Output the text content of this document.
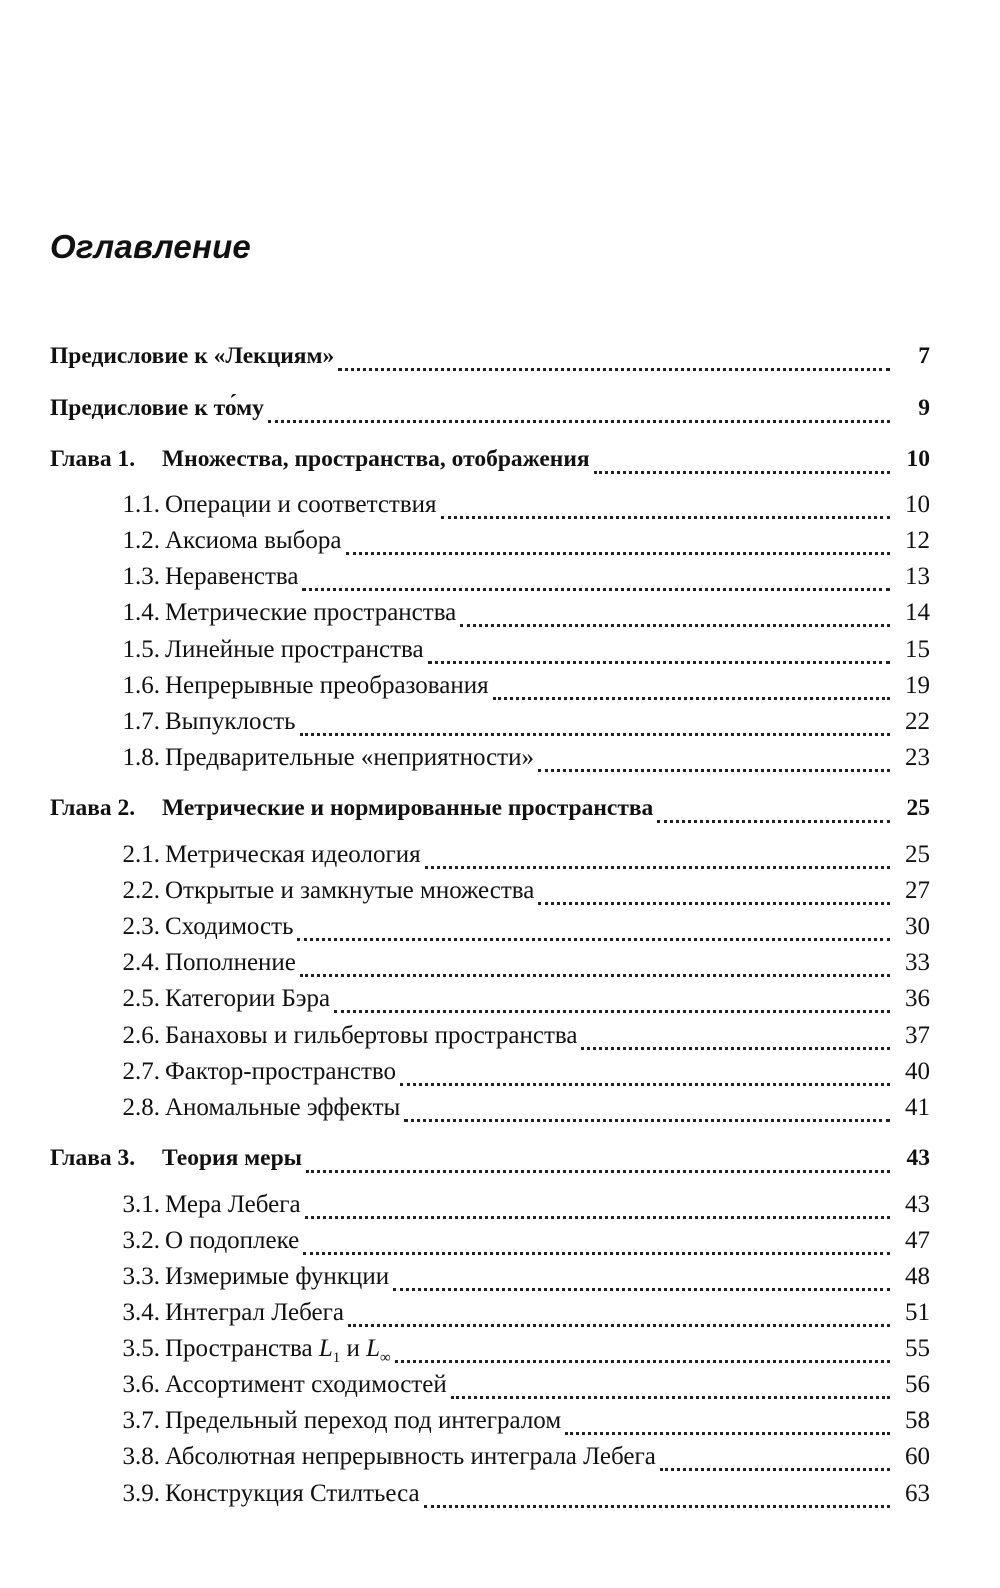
Оглавление
Предисловие к «Лекциям»	7
Предисловие к то́му	9
Глава 1.	Множества, пространства, отображения	10
1.1. Операции и соответствия	10
1.2. Аксиома выбора	12
1.3. Неравенства	13
1.4. Метрические пространства	14
1.5. Линейные пространства	15
1.6. Непрерывные преобразования	19
1.7. Выпуклость	22
1.8. Предварительные «неприятности»	23
Глава 2.	Метрические и нормированные пространства	25
2.1. Метрическая идеология	25
2.2. Открытые и замкнутые множества	27
2.3. Сходимость	30
2.4. Пополнение	33
2.5. Категории Бэра	36
2.6. Банаховы и гильбертовы пространства	37
2.7. Фактор-пространство	40
2.8. Аномальные эффекты	41
Глава 3.	Теория меры	43
3.1. Мера Лебега	43
3.2. О подоплеке	47
3.3. Измеримые функции	48
3.4. Интеграл Лебега	51
3.5. Пространства $L_1$ и $L_\infty$	55
3.6. Ассортимент сходимостей	56
3.7. Предельный переход под интегралом	58
3.8. Абсолютная непрерывность интеграла Лебега	60
3.9. Конструкция Стилтьеса	63
